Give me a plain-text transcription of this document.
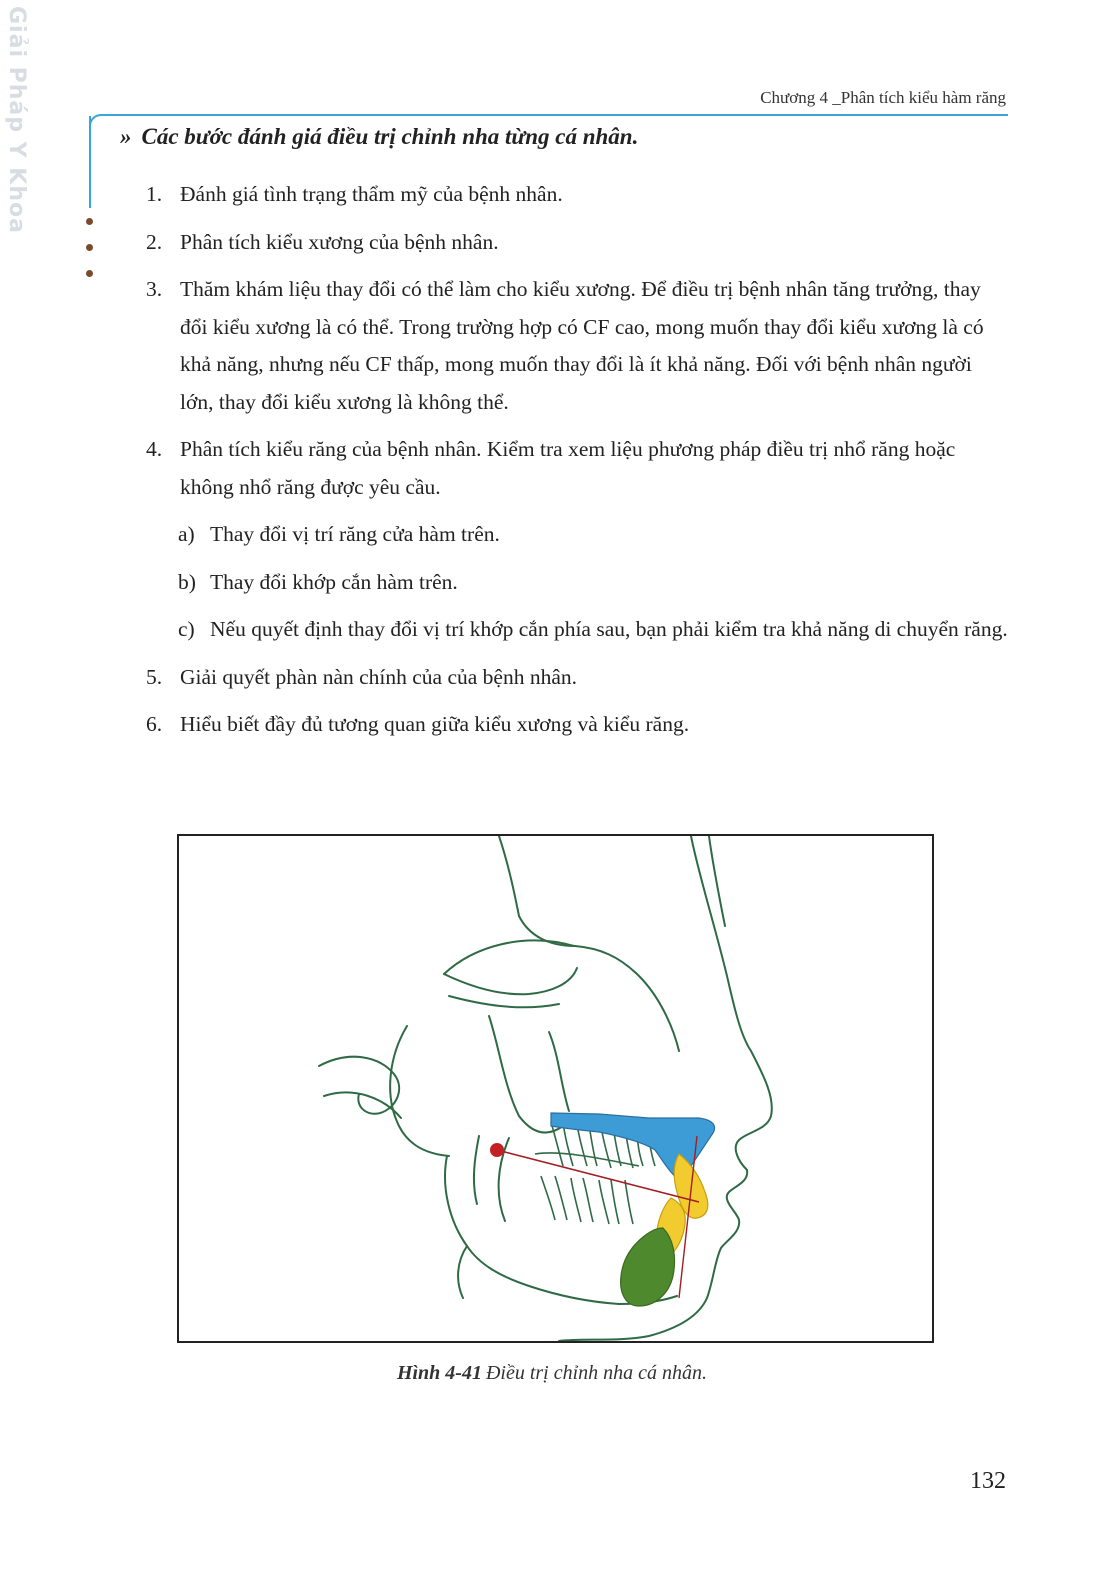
Giải Pháp Y Khoa	Chương 4 _Phân tích kiểu hàm răng
» Các bước đánh giá điều trị chỉnh nha từng cá nhân.
1. Đánh giá tình trạng thẩm mỹ của bệnh nhân.
2. Phân tích kiểu xương của bệnh nhân.
3. Thăm khám liệu thay đổi có thể làm cho kiểu xương. Để điều trị bệnh nhân tăng trưởng, thay đổi kiểu xương là có thể. Trong trường hợp có CF cao, mong muốn thay đổi kiểu xương là có khả năng, nhưng nếu CF thấp, mong muốn thay đổi là ít khả năng. Đối với bệnh nhân người lớn, thay đổi kiểu xương là không thể.
4. Phân tích kiểu răng của bệnh nhân. Kiểm tra xem liệu phương pháp điều trị nhổ răng hoặc không nhổ răng được yêu cầu.
a) Thay đổi vị trí răng cửa hàm trên.
b) Thay đổi khớp cắn hàm trên.
c) Nếu quyết định thay đổi vị trí khớp cắn phía sau, bạn phải kiểm tra khả năng di chuyển răng.
5. Giải quyết phàn nàn chính của của bệnh nhân.
6. Hiểu biết đầy đủ tương quan giữa kiểu xương và kiểu răng.
Hình 4-41 Điều trị chỉnh nha cá nhân.
132
